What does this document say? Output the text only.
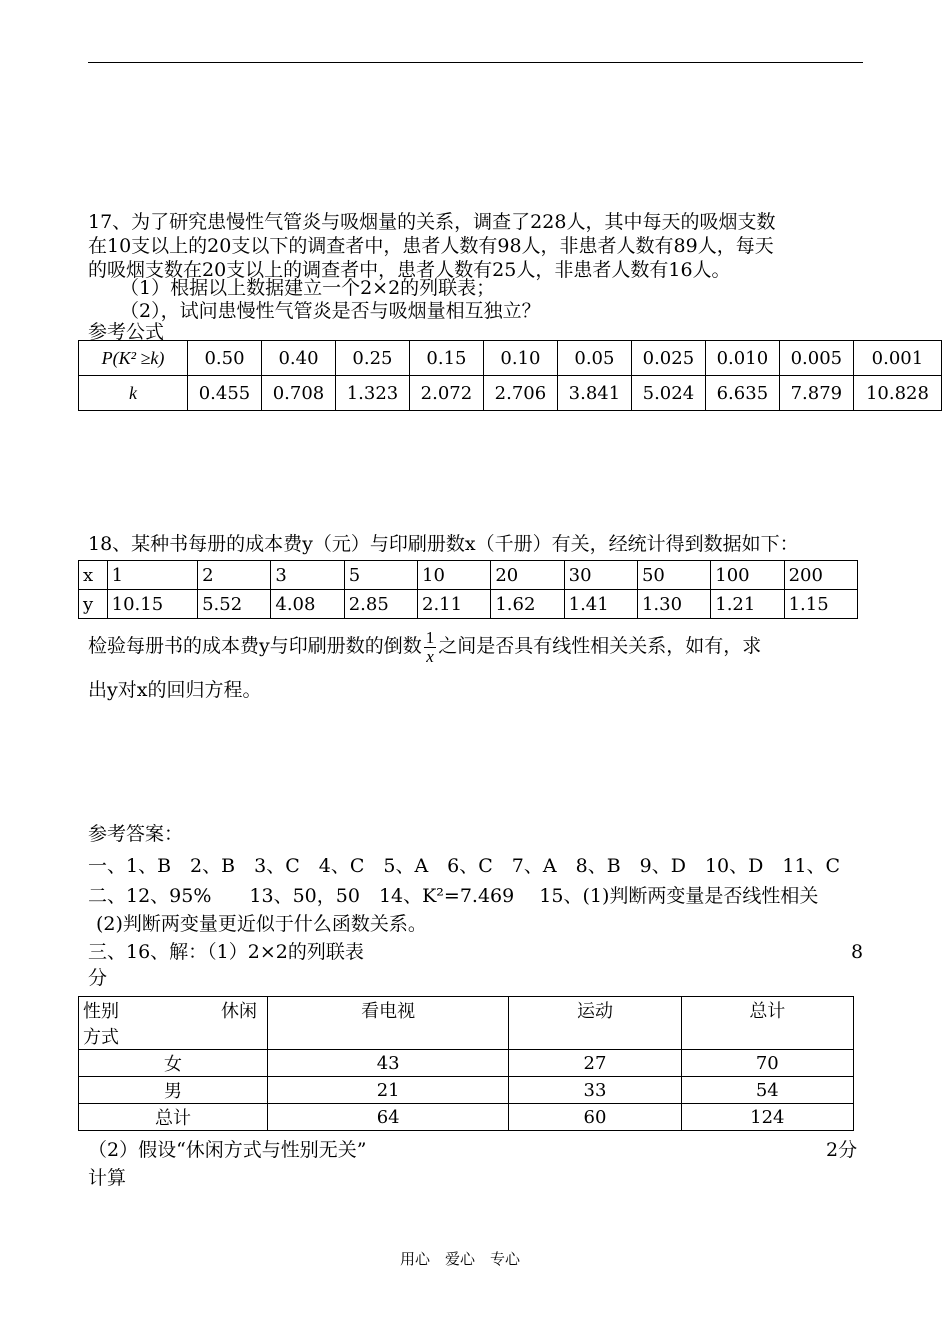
17、为了研究患慢性气管炎与吸烟量的关系，调查了228人，其中每天的吸烟支数
在10支以上的20支以下的调查者中，患者人数有98人，非患者人数有89人，每天
的吸烟支数在20支以上的调查者中，患者人数有25人，非患者人数有16人。
（1）根据以上数据建立一个2×2的列联表；
（2），试问患慢性气管炎是否与吸烟量相互独立？
参考公式
P(K² ≥k)	0.50	0.40	0.25	0.15	0.10	0.05	0.025	0.010	0.005	0.001
k	0.455	0.708	1.323	2.072	2.706	3.841	5.024	6.635	7.879	10.828
18、某种书每册的成本费y（元）与印刷册数x（千册）有关，经统计得到数据如下：
x	1	2	3	5	10	20	30	50	100	200
y	10.15	5.52	4.08	2.85	2.11	1.62	1.41	1.30	1.21	1.15
检验每册书的成本费y与印刷册数的倒数 $\frac{1}{x}$ 之间是否具有线性相关关系，如有，求
出y对x的回归方程。
参考答案：
一、1、B　2、B　3、C　4、C　5、A　6、C　7、A　8、B　9、D　10、D　11、C
二、12、95%　　13、50，50　14、K²=7.469　 15、(1)判断两变量是否线性相关
(2)判断两变量更近似于什么函数关系。
三、16、解：（1）2×2的列联表	8
分
性别 休闲
方式	看电视	运动	总计
女	43	27	70
男	21	33	54
总计	64	60	124
（2）假设“休闲方式与性别无关”	2分
计算
用心　爱心　专心
